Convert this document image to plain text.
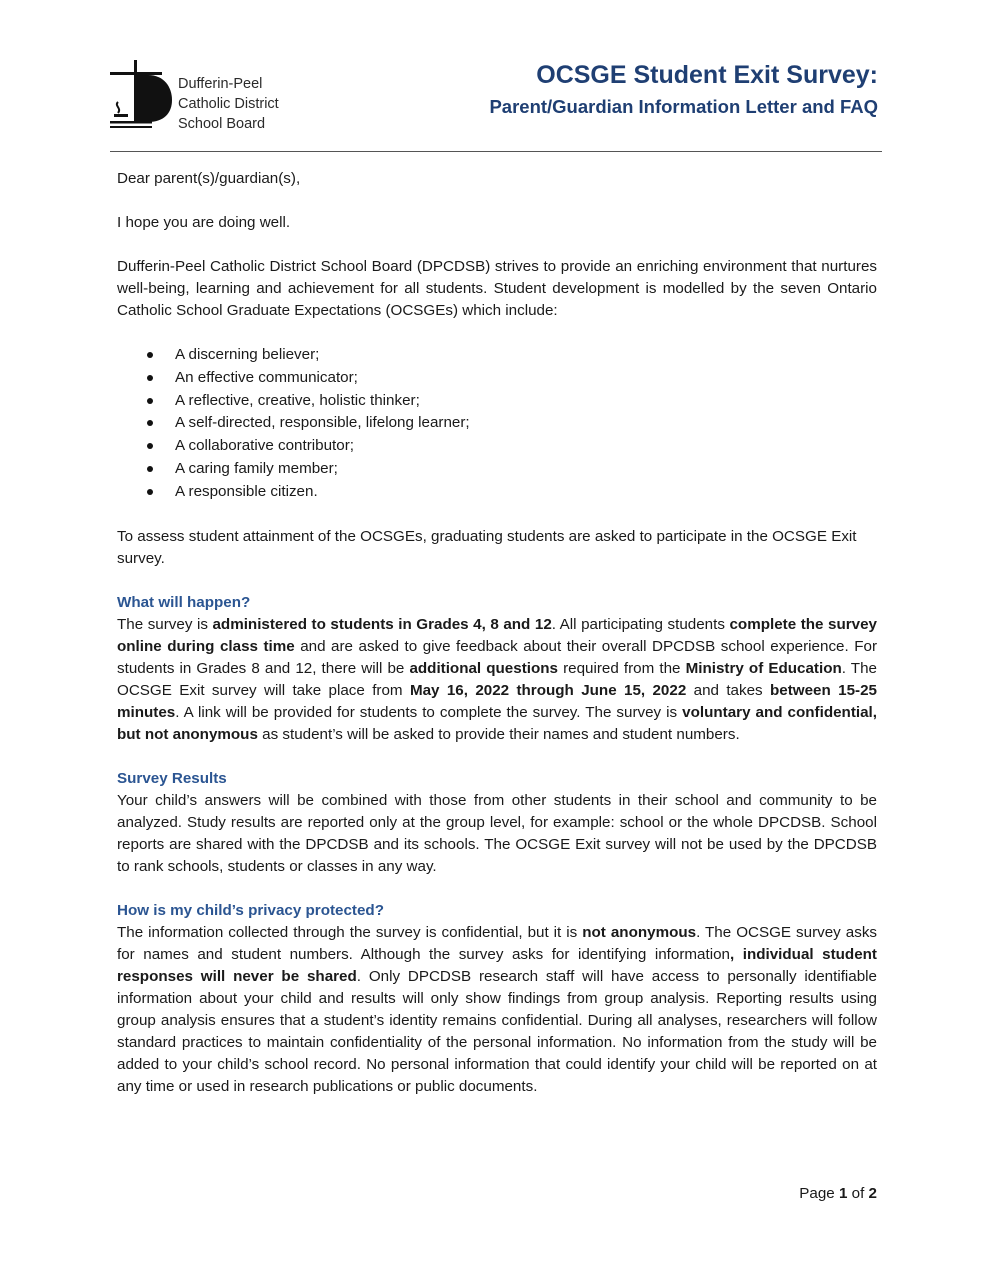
Dufferin-Peel
Catholic District
School Board
OCSGE Student Exit Survey:
Parent/Guardian Information Letter and FAQ

Dear parent(s)/guardian(s),

I hope you are doing well.

Dufferin-Peel Catholic District School Board (DPCDSB) strives to provide an enriching environment that nurtures well-being, learning and achievement for all students. Student development is modelled by the seven Ontario Catholic School Graduate Expectations (OCSGEs) which include:

A discerning believer;
An effective communicator;
A reflective, creative, holistic thinker;
A self-directed, responsible, lifelong learner;
A collaborative contributor;
A caring family member;
A responsible citizen.

To assess student attainment of the OCSGEs, graduating students are asked to participate in the OCSGE Exit survey.

What will happen?

The survey is administered to students in Grades 4, 8 and 12. All participating students complete the survey online during class time and are asked to give feedback about their overall DPCDSB school experience. For students in Grades 8 and 12, there will be additional questions required from the Ministry of Education. The OCSGE Exit survey will take place from May 16, 2022 through June 15, 2022 and takes between 15-25 minutes. A link will be provided for students to complete the survey. The survey is voluntary and confidential, but not anonymous as student’s will be asked to provide their names and student numbers.

Survey Results

Your child’s answers will be combined with those from other students in their school and community to be analyzed. Study results are reported only at the group level, for example: school or the whole DPCDSB. School reports are shared with the DPCDSB and its schools. The OCSGE Exit survey will not be used by the DPCDSB to rank schools, students or classes in any way.

How is my child’s privacy protected?

The information collected through the survey is confidential, but it is not anonymous. The OCSGE survey asks for names and student numbers. Although the survey asks for identifying information, individual student responses will never be shared. Only DPCDSB research staff will have access to personally identifiable information about your child and results will only show findings from group analysis. Reporting results using group analysis ensures that a student’s identity remains confidential. During all analyses, researchers will follow standard practices to maintain confidentiality of the personal information. No information from the study will be added to your child’s school record. No personal information that could identify your child will be reported on at any time or used in research publications or public documents.

Page 1 of 2
